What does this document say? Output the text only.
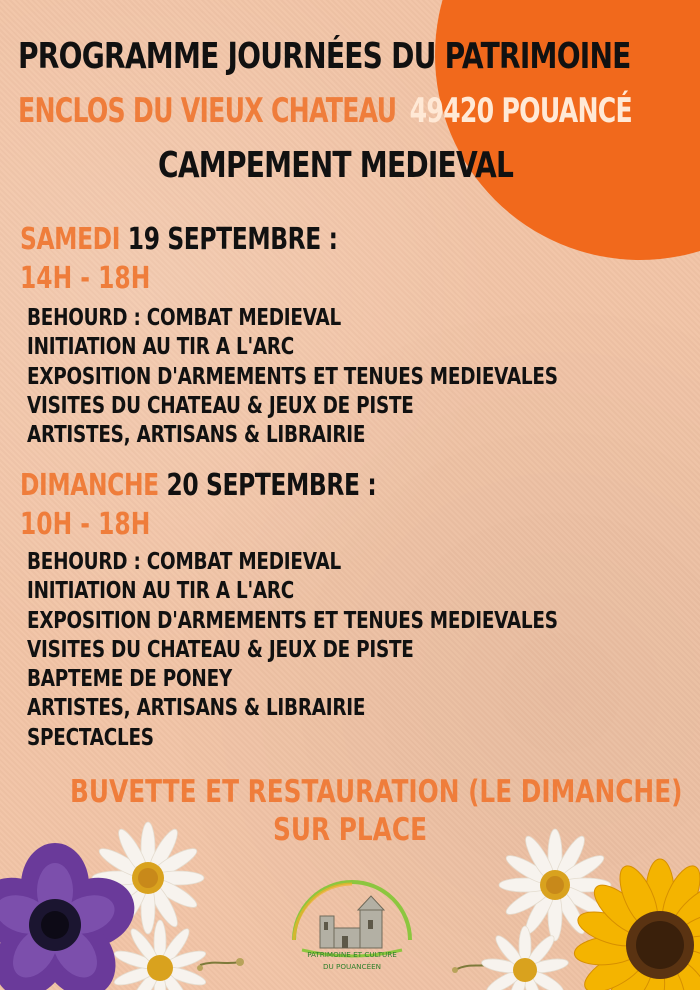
PROGRAMME JOURNÉES DU PATRIMOINE
ENCLOS DU VIEUX CHATEAU 49420 POUANCÉ
CAMPEMENT MEDIEVAL
SAMEDI 19 SEPTEMBRE :
14H - 18H
BEHOURD : COMBAT MEDIEVAL
INITIATION AU TIR A L'ARC
EXPOSITION D'ARMEMENTS ET TENUES MEDIEVALES
VISITES DU CHATEAU & JEUX DE PISTE
ARTISTES, ARTISANS & LIBRAIRIE
DIMANCHE 20 SEPTEMBRE :
10H - 18H
BEHOURD : COMBAT MEDIEVAL
INITIATION AU TIR A L'ARC
EXPOSITION D'ARMEMENTS ET TENUES MEDIEVALES
VISITES DU CHATEAU & JEUX DE PISTE
BAPTEME DE PONEY
ARTISTES, ARTISANS & LIBRAIRIE
SPECTACLES
BUVETTE ET RESTAURATION (LE DIMANCHE)
SUR PLACE
PATRIMOINE ET CULTURE
DU POUANCÉEN
